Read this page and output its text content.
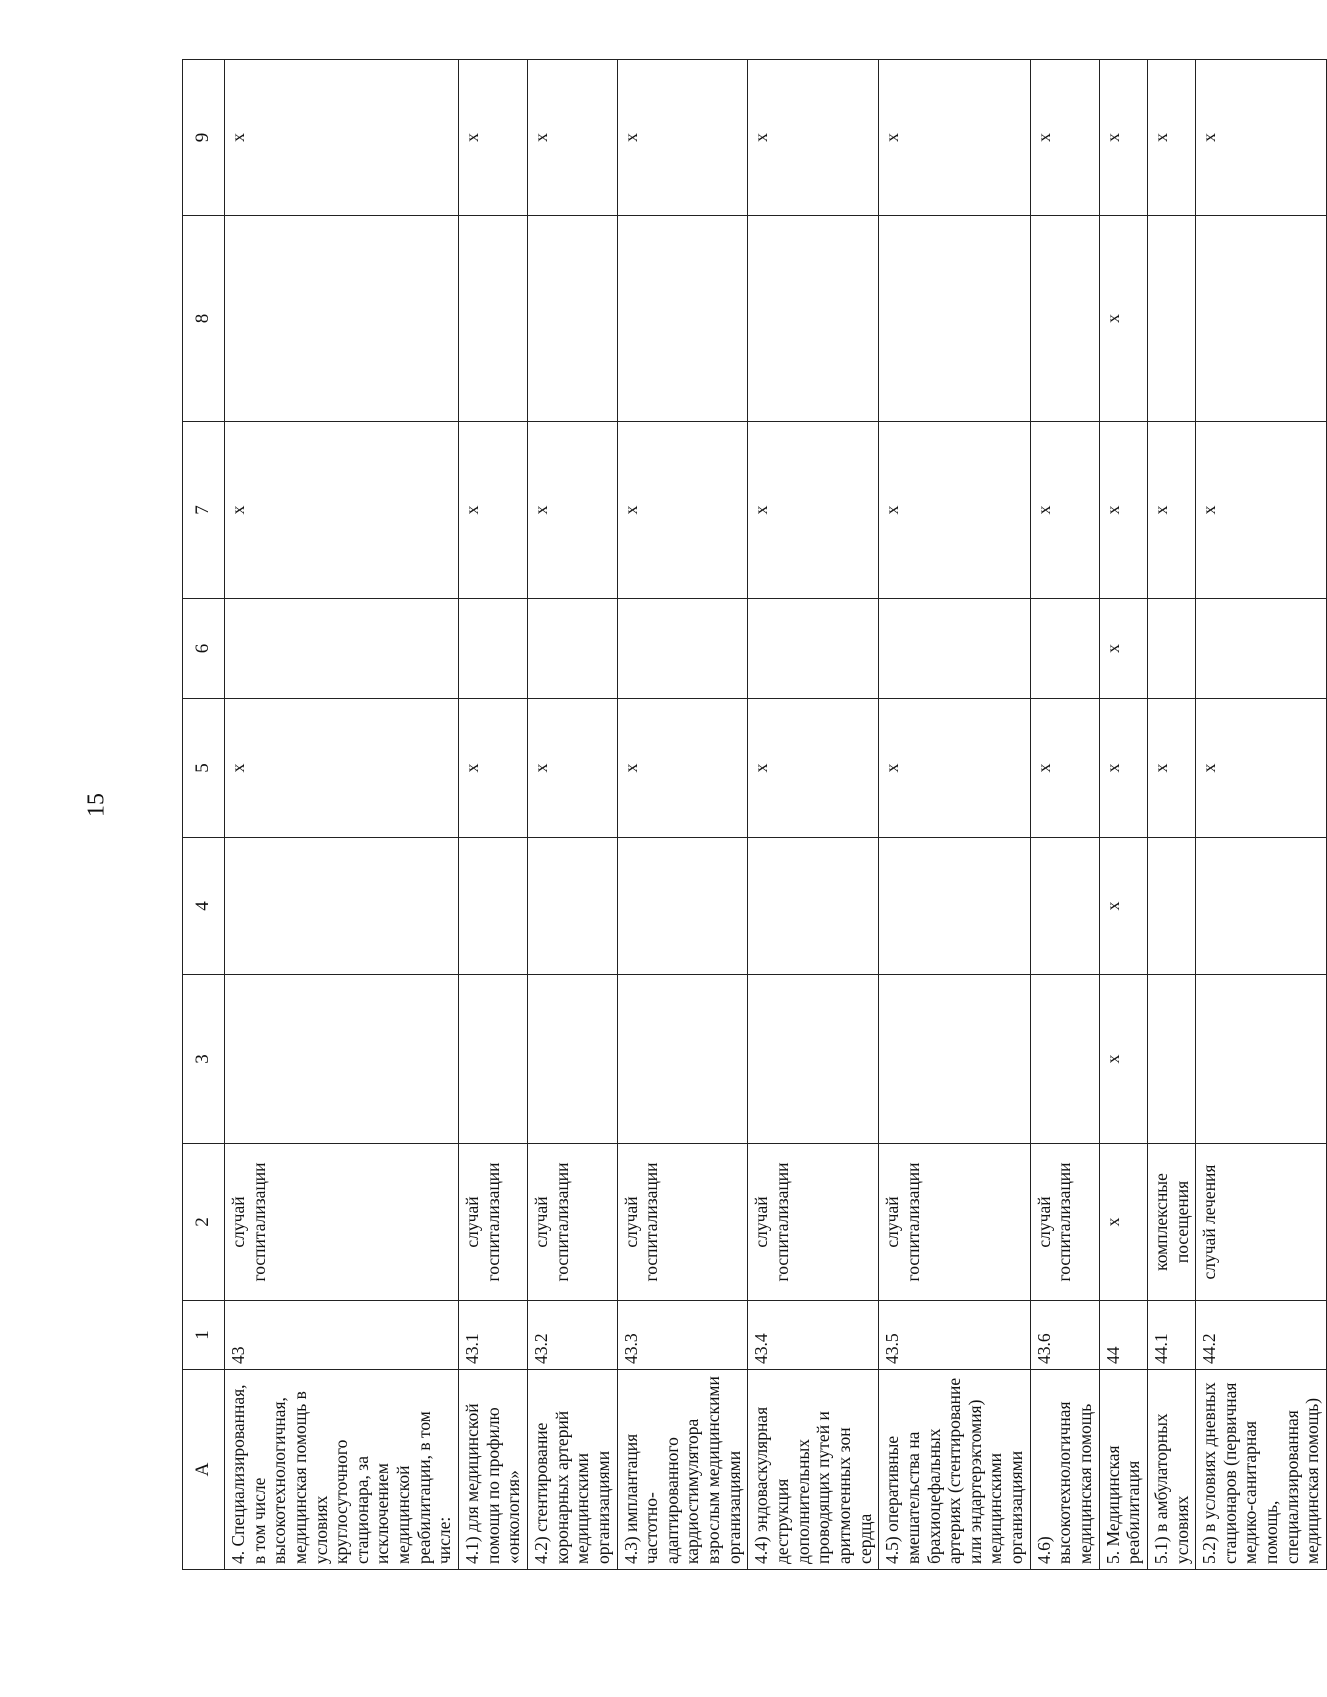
15
А	1	2	3	4	5	6	7	8	9
4. Специализированная, в том числе высокотехнологичная, медицинская помощь в условиях круглосуточного стационара, за исключением медицинской реабилитации, в том числе:	43	случай госпитализации			х		х		х
4.1) для медицинской помощи по профилю «онкология»	43.1	случай госпитализации			х		х		х
4.2) стентирование коронарных артерий медицинскими организациями	43.2	случай госпитализации			х		х		х
4.3) имплантация частотно-адаптированного кардиостимулятора взрослым медицинскими организациями	43.3	случай госпитализации			х		х		х
4.4) эндоваскулярная деструкция дополнительных проводящих путей и аритмогенных зон сердца	43.4	случай госпитализации			х		х		х
4.5) оперативные вмешательства на брахиоцефальных артериях (стентирование или эндартерэктомия) медицинскими организациями	43.5	случай госпитализации			х		х		х
4.6) высокотехнологичная медицинская помощь	43.6	случай госпитализации			х		х		х
5. Медицинская реабилитация	44	х	х	х	х	х	х	х	х
5.1) в амбулаторных условиях	44.1	комплексные посещения			х		х		х
5.2) в условиях дневных стационаров (первичная медико-санитарная помощь, специализированная медицинская помощь)	44.2	случай лечения			х		х		х
